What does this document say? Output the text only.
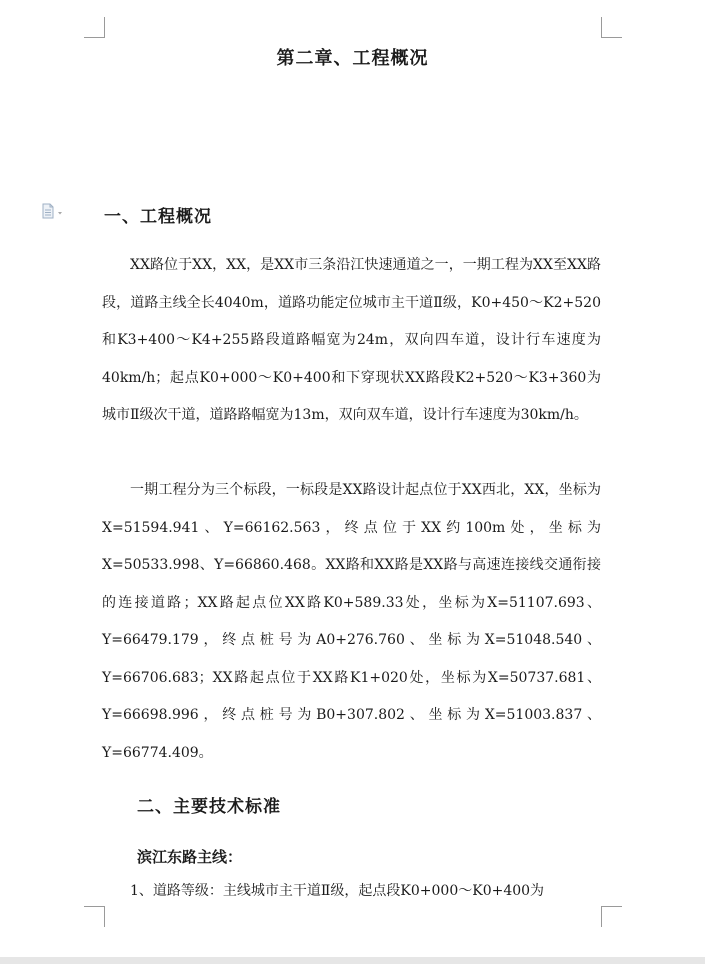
第二章、工程概况
一、工程概况
XX路位于XX，XX，是XX市三条沿江快速通道之一，一期工程为XX至XX路段，道路主线全长4040m，道路功能定位城市主干道Ⅱ级，K0+450～K2+520和K3+400～K4+255路段道路幅宽为24m，双向四车道，设计行车速度为40km/h；起点K0+000～K0+400和下穿现状XX路段K2+520～K3+360为城市Ⅱ级次干道，道路路幅宽为13m，双向双车道，设计行车速度为30km/h。
一期工程分为三个标段，一标段是XX路设计起点位于XX西北，XX，坐标为X=51594.941、Y=66162.563，终点位于XX约100m处，坐标为X=50533.998、Y=66860.468。XX路和XX路是XX路与高速连接线交通衔接的连接道路；XX路起点位XX路K0+589.33处，坐标为X=51107.693、Y=66479.179，终点桩号为A0+276.760、坐标为X=51048.540、Y=66706.683；XX路起点位于XX路K1+020处，坐标为X=50737.681、Y=66698.996，终点桩号为B0+307.802、坐标为X=51003.837、Y=66774.409。
二、主要技术标准
滨江东路主线：
1、道路等级：主线城市主干道Ⅱ级，起点段K0+000～K0+400为
